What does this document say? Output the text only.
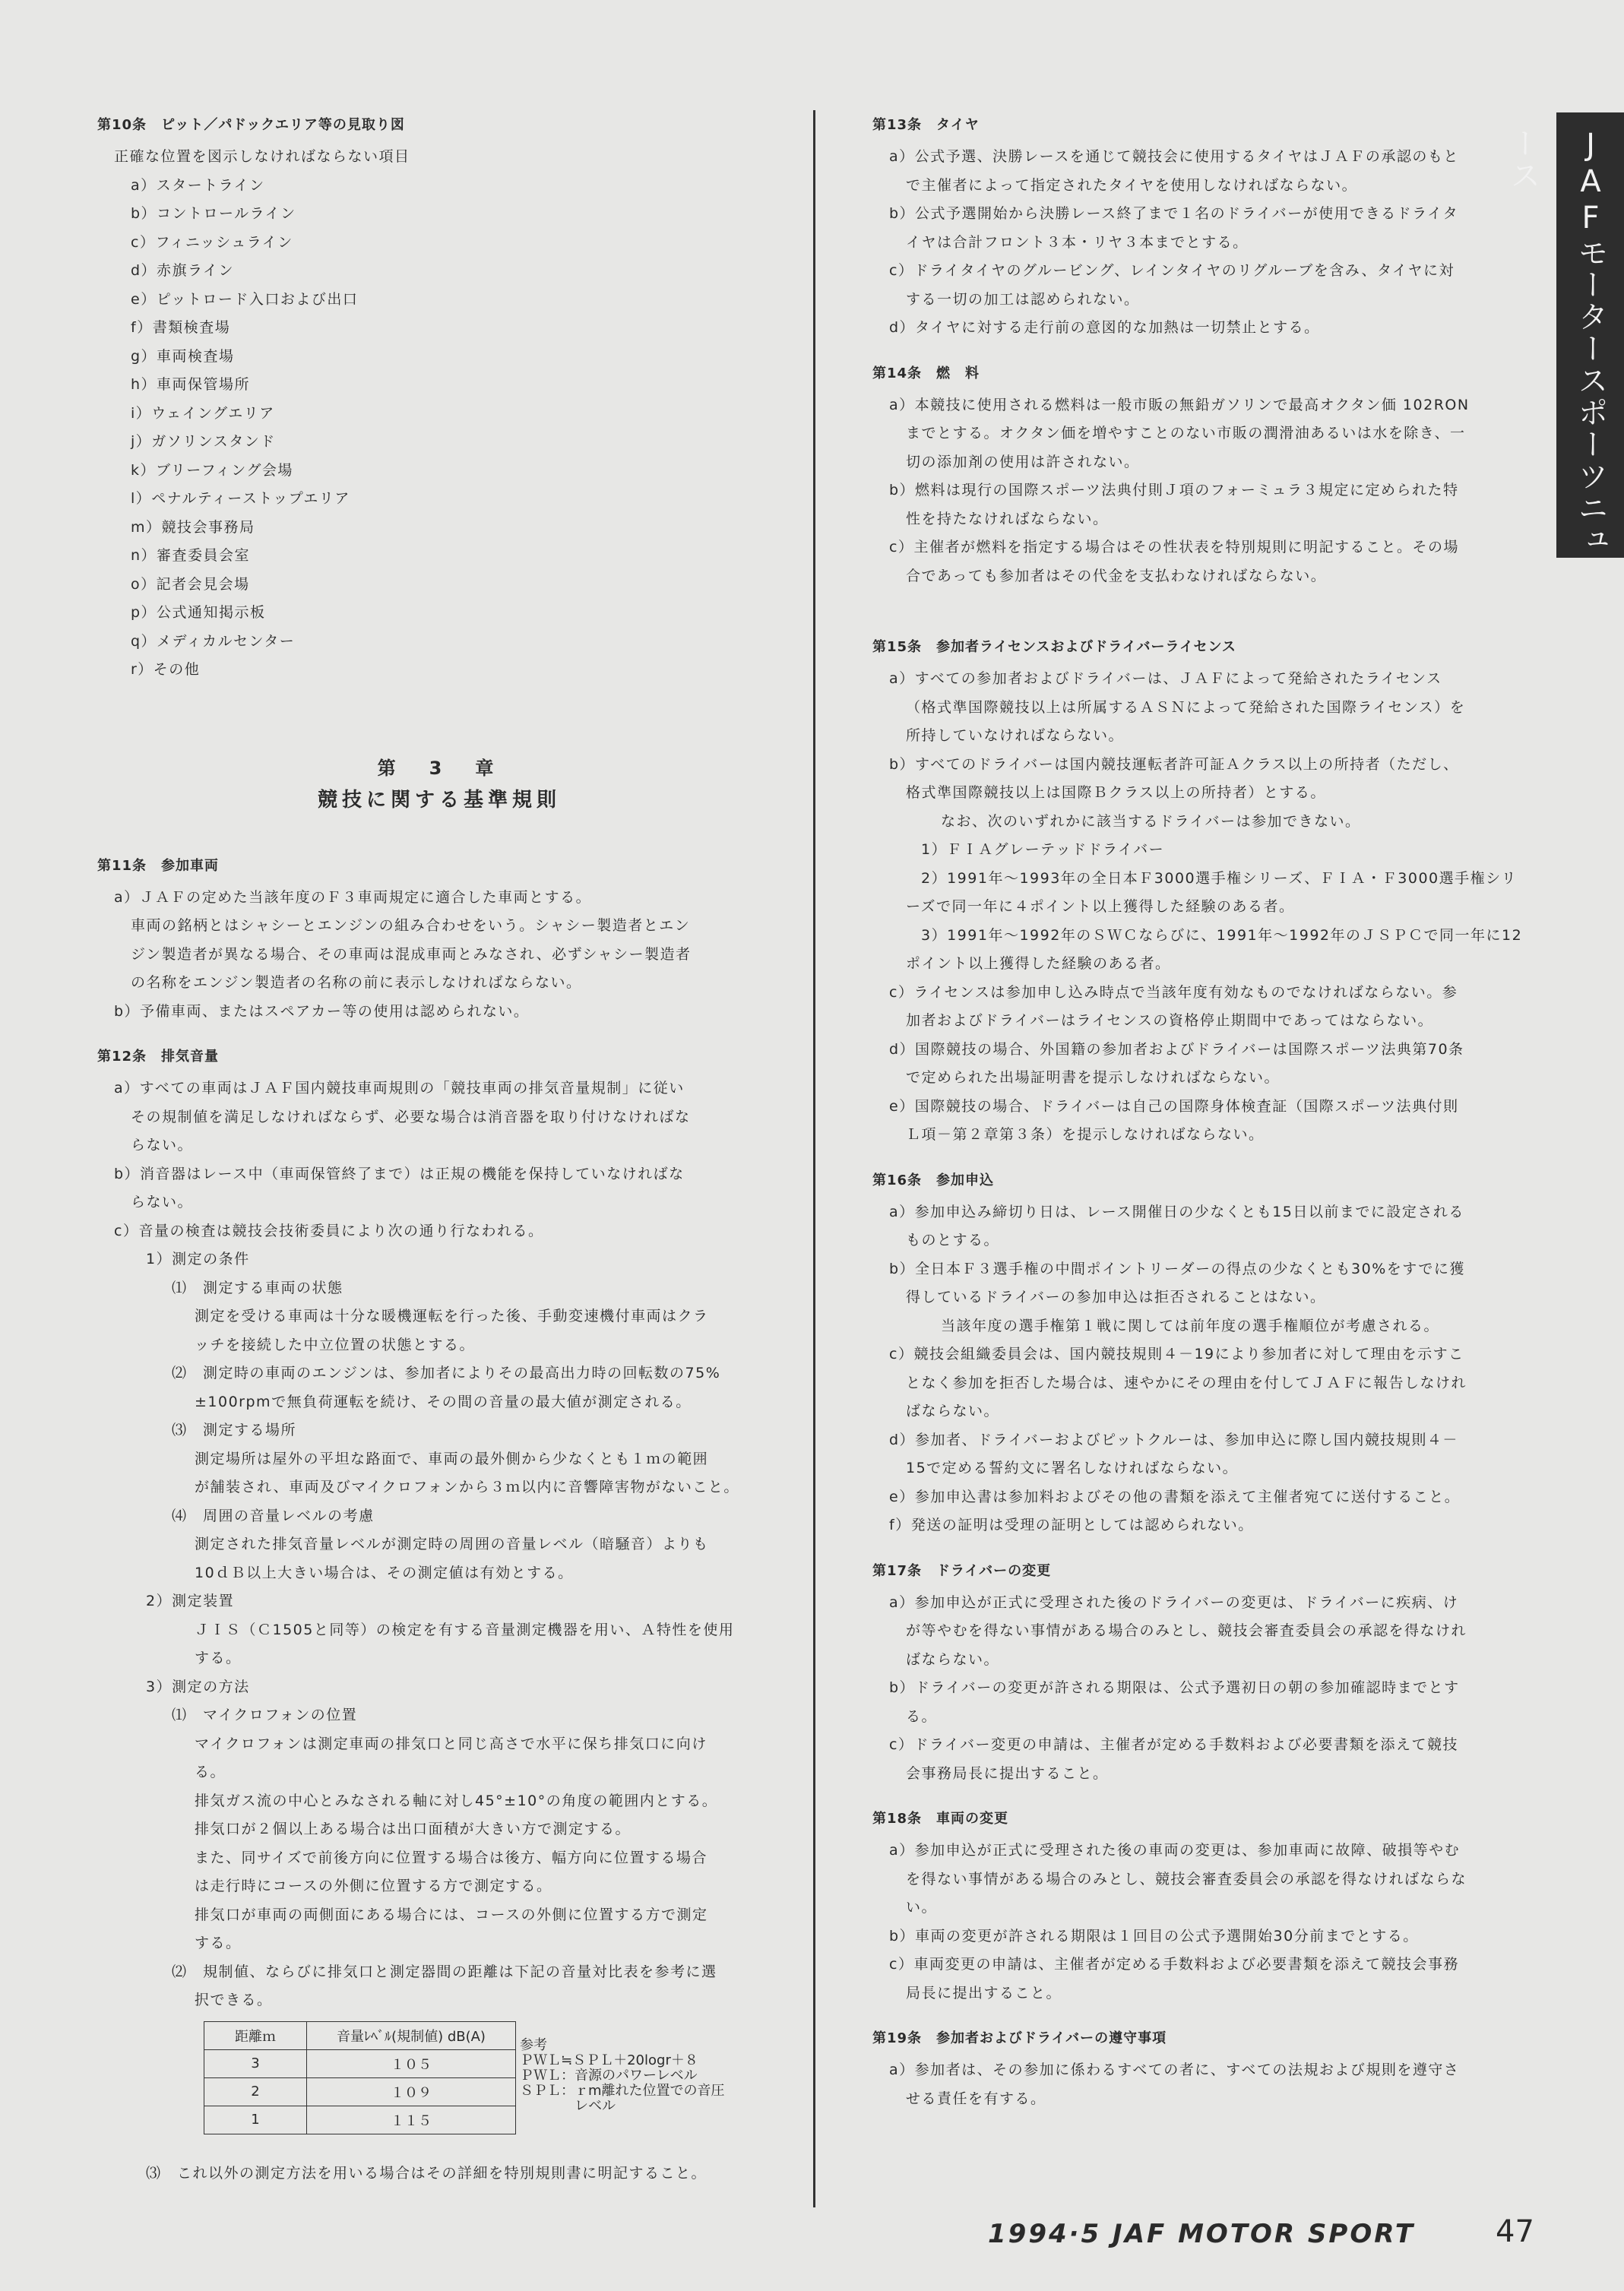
JAFモータースポーツニュース
第10条　ピット／パドックエリア等の見取り図
正確な位置を図示しなければならない項目
a）スタートライン
b）コントロールライン
c）フィニッシュライン
d）赤旗ライン
e）ピットロード入口および出口
f）書類検査場
g）車両検査場
h）車両保管場所
i）ウェイングエリア
j）ガソリンスタンド
k）ブリーフィング会場
l）ペナルティーストップエリア
m）競技会事務局
n）審査委員会室
o）記者会見会場
p）公式通知掲示板
q）メディカルセンター
r）その他
第　3　章
競技に関する基準規則
第11条　参加車両
a）ＪＡＦの定めた当該年度のＦ３車両規定に適合した車両とする。
車両の銘柄とはシャシーとエンジンの組み合わせをいう。シャシー製造者とエン
ジン製造者が異なる場合、その車両は混成車両とみなされ、必ずシャシー製造者
の名称をエンジン製造者の名称の前に表示しなければならない。
b）予備車両、またはスペアカー等の使用は認められない。
第12条　排気音量
a）すべての車両はＪＡＦ国内競技車両規則の「競技車両の排気音量規制」に従い
その規制値を満足しなければならず、必要な場合は消音器を取り付けなければな
らない。
b）消音器はレース中（車両保管終了まで）は正規の機能を保持していなければな
らない。
c）音量の検査は競技会技術委員により次の通り行なわれる。
1）測定の条件
⑴　測定する車両の状態
測定を受ける車両は十分な暖機運転を行った後、手動変速機付車両はクラ
ッチを接続した中立位置の状態とする。
⑵　測定時の車両のエンジンは、参加者によりその最高出力時の回転数の75%
±100rpmで無負荷運転を続け、その間の音量の最大値が測定される。
⑶　測定する場所
測定場所は屋外の平坦な路面で、車両の最外側から少なくとも１ｍの範囲
が舗装され、車両及びマイクロフォンから３ｍ以内に音響障害物がないこと。
⑷　周囲の音量レベルの考慮
測定された排気音量レベルが測定時の周囲の音量レベル（暗騒音）よりも
10ｄＢ以上大きい場合は、その測定値は有効とする。
2）測定装置
ＪＩＳ（Ｃ1505と同等）の検定を有する音量測定機器を用い、Ａ特性を使用
する。
3）測定の方法
⑴　マイクロフォンの位置
マイクロフォンは測定車両の排気口と同じ高さで水平に保ち排気口に向け
る。
排気ガス流の中心とみなされる軸に対し45°±10°の角度の範囲内とする。
排気口が２個以上ある場合は出口面積が大きい方で測定する。
また、同サイズで前後方向に位置する場合は後方、幅方向に位置する場合
は走行時にコースの外側に位置する方で測定する。
排気口が車両の両側面にある場合には、コースの外側に位置する方で測定
する。
⑵　規制値、ならびに排気口と測定器間の距離は下記の音量対比表を参考に選
択できる。
距離ｍ	音量ﾚﾍﾞﾙ(規制値) dB(A)
3	１０５
2	１０９
1	１１５
参考
ＰＷＬ≒ＳＰＬ＋20logr＋８
ＰＷＬ：音源のパワーレベル
ＳＰＬ：ｒm離れた位置での音圧
　　　　レベル
⑶　これ以外の測定方法を用いる場合はその詳細を特別規則書に明記すること。
第13条　タイヤ
a）公式予選、決勝レースを通じて競技会に使用するタイヤはＪＡＦの承認のもと
で主催者によって指定されたタイヤを使用しなければならない。
b）公式予選開始から決勝レース終了まで１名のドライバーが使用できるドライタ
イヤは合計フロント３本・リヤ３本までとする。
c）ドライタイヤのグルービング、レインタイヤのリグルーブを含み、タイヤに対
する一切の加工は認められない。
d）タイヤに対する走行前の意図的な加熱は一切禁止とする。
第14条　燃　料
a）本競技に使用される燃料は一般市販の無鉛ガソリンで最高オクタン価 102RON
までとする。オクタン価を増やすことのない市販の潤滑油あるいは水を除き、一
切の添加剤の使用は許されない。
b）燃料は現行の国際スポーツ法典付則Ｊ項のフォーミュラ３規定に定められた特
性を持たなければならない。
c）主催者が燃料を指定する場合はその性状表を特別規則に明記すること。その場
合であっても参加者はその代金を支払わなければならない。
第15条　参加者ライセンスおよびドライバーライセンス
a）すべての参加者およびドライバーは、ＪＡＦによって発給されたライセンス
（格式準国際競技以上は所属するＡＳＮによって発給された国際ライセンス）を
所持していなければならない。
b）すべてのドライバーは国内競技運転者許可証Ａクラス以上の所持者（ただし、
格式準国際競技以上は国際Ｂクラス以上の所持者）とする。
なお、次のいずれかに該当するドライバーは参加できない。
1）ＦＩＡグレーテッドドライバー
2）1991年～1993年の全日本Ｆ3000選手権シリーズ、ＦＩＡ・Ｆ3000選手権シリ
ーズで同一年に４ポイント以上獲得した経験のある者。
3）1991年～1992年のＳＷＣならびに、1991年～1992年のＪＳＰＣで同一年に12
ポイント以上獲得した経験のある者。
c）ライセンスは参加申し込み時点で当該年度有効なものでなければならない。参
加者およびドライバーはライセンスの資格停止期間中であってはならない。
d）国際競技の場合、外国籍の参加者およびドライバーは国際スポーツ法典第70条
で定められた出場証明書を提示しなければならない。
e）国際競技の場合、ドライバーは自己の国際身体検査証（国際スポーツ法典付則
Ｌ項－第２章第３条）を提示しなければならない。
第16条　参加申込
a）参加申込み締切り日は、レース開催日の少なくとも15日以前までに設定される
ものとする。
b）全日本Ｆ３選手権の中間ポイントリーダーの得点の少なくとも30%をすでに獲
得しているドライバーの参加申込は拒否されることはない。
当該年度の選手権第１戦に関しては前年度の選手権順位が考慮される。
c）競技会組織委員会は、国内競技規則４－19により参加者に対して理由を示すこ
となく参加を拒否した場合は、速やかにその理由を付してＪＡＦに報告しなけれ
ばならない。
d）参加者、ドライバーおよびピットクルーは、参加申込に際し国内競技規則４－
15で定める誓約文に署名しなければならない。
e）参加申込書は参加料およびその他の書類を添えて主催者宛てに送付すること。
f）発送の証明は受理の証明としては認められない。
第17条　ドライバーの変更
a）参加申込が正式に受理された後のドライバーの変更は、ドライバーに疾病、け
が等やむを得ない事情がある場合のみとし、競技会審査委員会の承認を得なけれ
ばならない。
b）ドライバーの変更が許される期限は、公式予選初日の朝の参加確認時までとす
る。
c）ドライバー変更の申請は、主催者が定める手数料および必要書類を添えて競技
会事務局長に提出すること。
第18条　車両の変更
a）参加申込が正式に受理された後の車両の変更は、参加車両に故障、破損等やむ
を得ない事情がある場合のみとし、競技会審査委員会の承認を得なければならな
い。
b）車両の変更が許される期限は１回目の公式予選開始30分前までとする。
c）車両変更の申請は、主催者が定める手数料および必要書類を添えて競技会事務
局長に提出すること。
第19条　参加者およびドライバーの遵守事項
a）参加者は、その参加に係わるすべての者に、すべての法規および規則を遵守さ
せる責任を有する。
1994·5 JAF MOTOR SPORT	47
